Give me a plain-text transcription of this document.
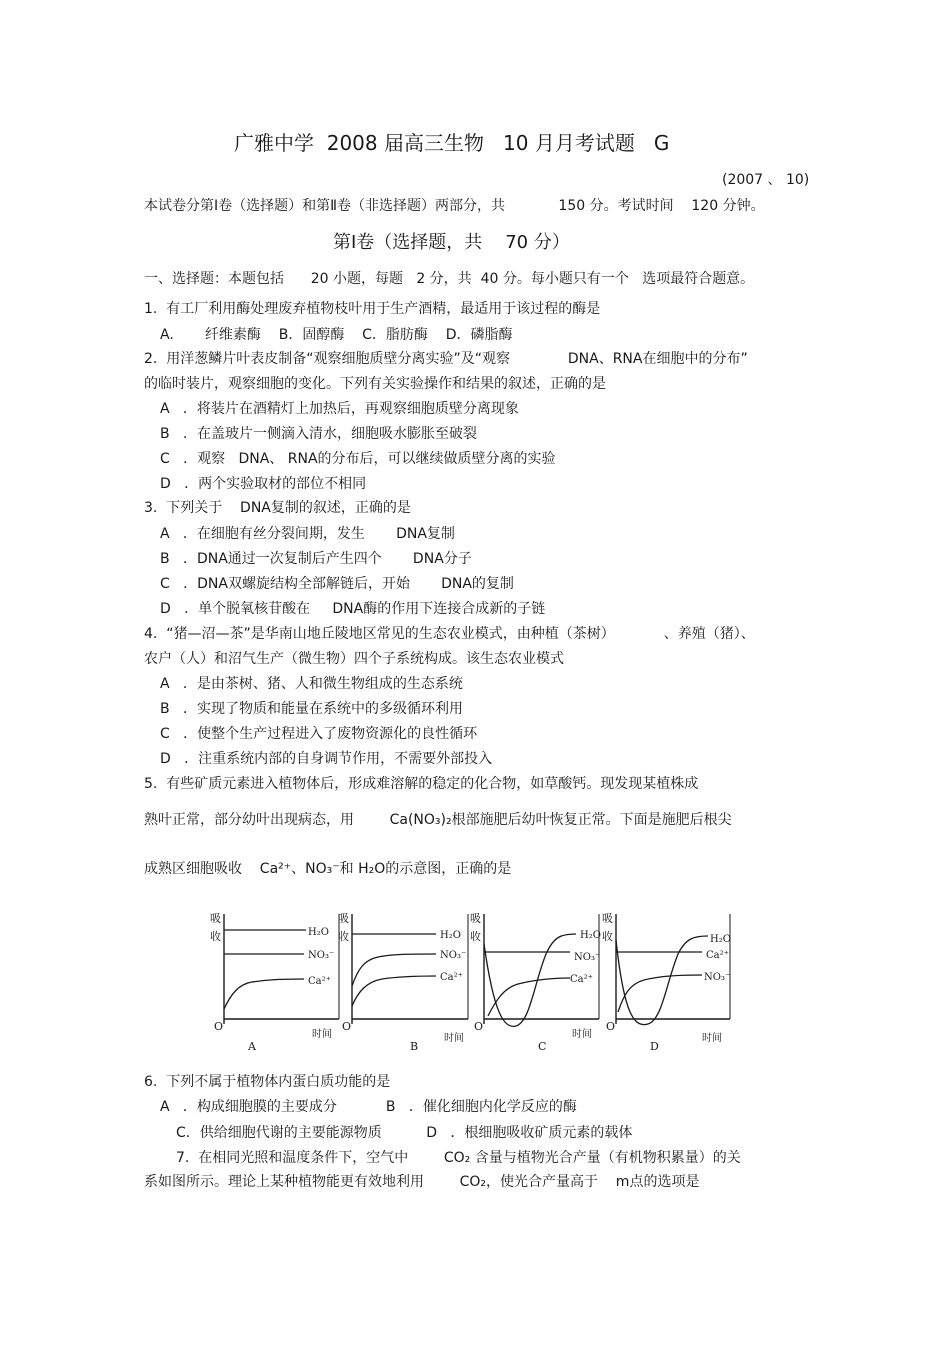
广雅中学  2008 届高三生物   10 月月考试题   G
(2007 、 10)
本试卷分第Ⅰ卷（选择题）和第Ⅱ卷（非选择题）两部分，共            150 分。考试时间    120 分钟。
第Ⅰ卷（选择题，共    70 分）
一、选择题：本题包括      20 小题，每题   2 分，共  40 分。每小题只有一个   选项最符合题意。
1.  有工厂利用酶处理废弃植物枝叶用于生产酒精，最适用于该过程的酶是
A.       纤维素酶    B．固醇酶    C．脂肪酶    D．磷脂酶
2.  用洋葱鳞片叶表皮制备“观察细胞质壁分离实验”及“观察             DNA、RNA在细胞中的分布”
的临时装片，观察细胞的变化。下列有关实验操作和结果的叙述，正确的是
A   ．将装片在酒精灯上加热后，再观察细胞质壁分离现象
B   ．在盖玻片一侧滴入清水，细胞吸水膨胀至破裂
C   ．观察   DNA、 RNA的分布后，可以继续做质壁分离的实验
D   ．两个实验取材的部位不相同
3.  下列关于    DNA复制的叙述，正确的是
A   ．在细胞有丝分裂间期，发生       DNA复制
B   ．DNA通过一次复制后产生四个       DNA分子
C   ．DNA双螺旋结构全部解链后，开始       DNA的复制
D   ．单个脱氧核苷酸在     DNA酶的作用下连接合成新的子链
4.  “猪—沼—茶”是华南山地丘陵地区常见的生态农业模式，由种植（茶树）           、养殖（猪）、
农户（人）和沼气生产（微生物）四个子系统构成。该生态农业模式
A   ．是由茶树、猪、人和微生物组成的生态系统
B   ．实现了物质和能量在系统中的多级循环利用
C   ．使整个生产过程进入了废物资源化的良性循环
D   ．注重系统内部的自身调节作用，不需要外部投入
5.  有些矿质元素进入植物体后，形成难溶解的稳定的化合物，如草酸钙。现发现某植株成
熟叶正常，部分幼叶出现病态，用        Ca(NO₃)₂根部施肥后幼叶恢复正常。下面是施肥后根尖
成熟区细胞吸收    Ca²⁺、NO₃⁻和 H₂O的示意图，正确的是
吸
收	H₂O
NO₃⁻
Ca²⁺
O
时间
A
吸
收	H₂O
NO₃⁻
Ca²⁺
O
时间
B
吸
收	H₂O
NO₃⁻
Ca²⁺
O
时间
C
吸
收	H₂O
Ca²⁺
NO₃⁻
O
时间
D
6.  下列不属于植物体内蛋白质功能的是
A   ．构成细胞膜的主要成分           B   ．催化细胞内化学反应的酶
C．供给细胞代谢的主要能源物质          D   ．根细胞吸收矿质元素的载体
7.  在相同光照和温度条件下，空气中        CO₂ 含量与植物光合产量（有机物积累量）的关
系如图所示。理论上某种植物能更有效地利用        CO₂，使光合产量高于    m点的选项是
